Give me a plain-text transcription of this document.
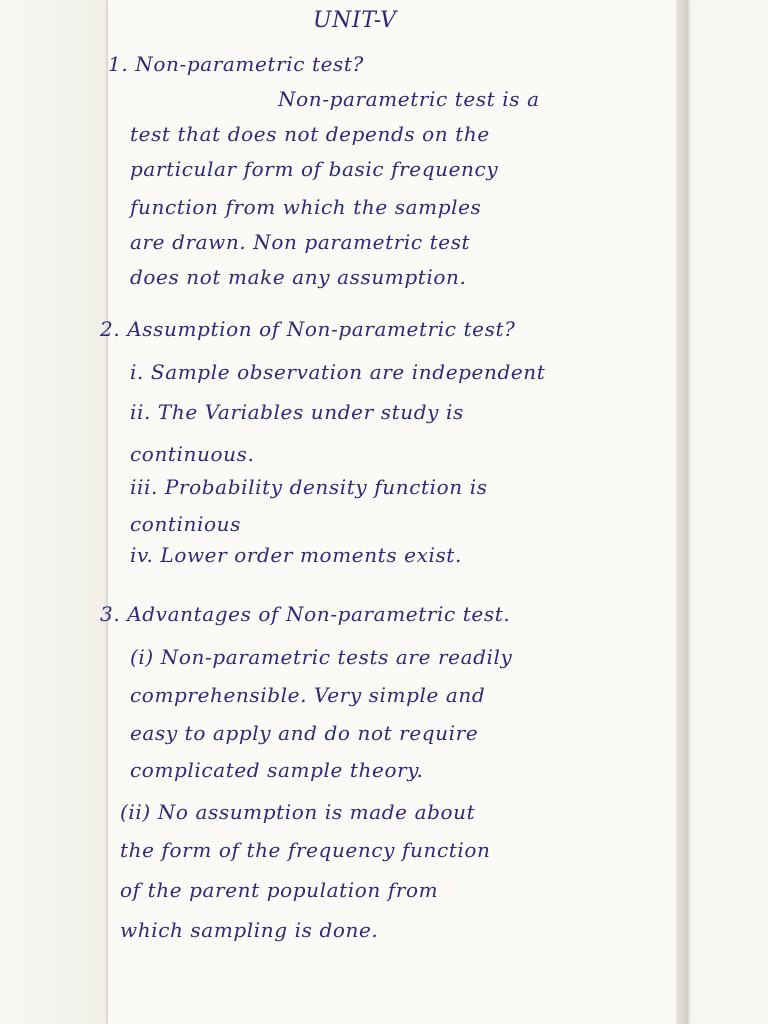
UNIT-V
1. Non-parametric test?
Non-parametric test is a
test that does not depends on the
particular form of basic frequency
function from which the samples
are drawn. Non parametric test
does not make any assumption.
2. Assumption of Non-parametric test?
i. Sample observation are independent
ii. The Variables under study is
continuous.
iii. Probability density function is
continious
iv. Lower order moments exist.
3. Advantages of Non-parametric test.
(i) Non-parametric tests are readily
comprehensible. Very simple and
easy to apply and do not require
complicated sample theory.
(ii) No assumption is made about
the form of the frequency function
of the parent population from
which sampling is done.
